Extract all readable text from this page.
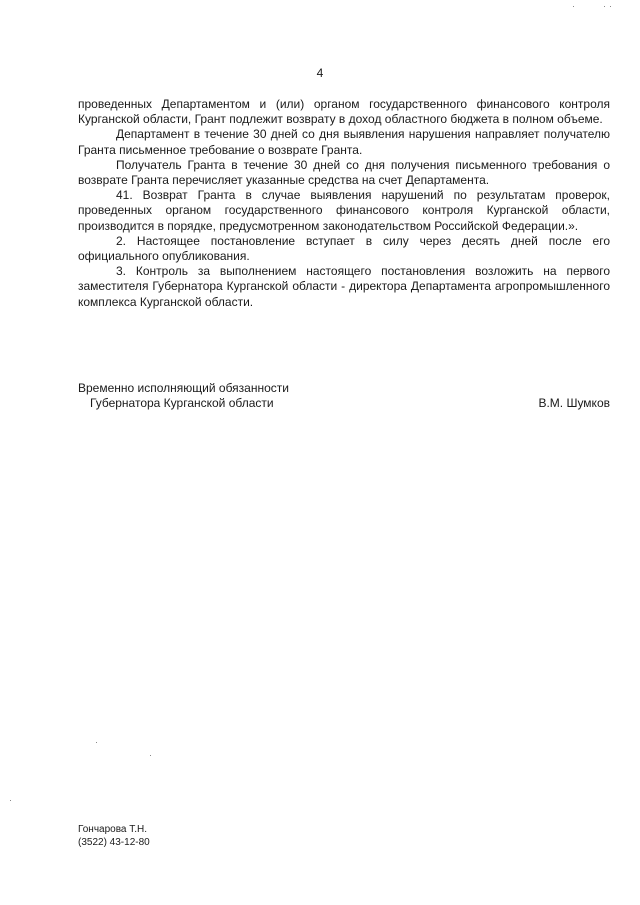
4

проведенных Департаментом и (или) органом государственного финансового контроля Курганской области, Грант подлежит возврату в доход областного бюджета в полном объеме.

Департамент в течение 30 дней со дня выявления нарушения направляет получателю Гранта письменное требование о возврате Гранта.

Получатель Гранта в течение 30 дней со дня получения письменного требования о возврате Гранта перечисляет указанные средства на счет Департамента.

41. Возврат Гранта в случае выявления нарушений по результатам проверок, проведенных органом государственного финансового контроля Курганской области, производится в порядке, предусмотренном законодательством Российской Федерации.».

2. Настоящее постановление вступает в силу через десять дней после его официального опубликования.

3. Контроль за выполнением настоящего постановления возложить на первого заместителя Губернатора Курганской области - директора Департамента агропромышленного комплекса Курганской области.

Временно исполняющий обязанности
Губернатора Курганской области	В.М. Шумков
Гончарова Т.Н.
(3522) 43-12-80
